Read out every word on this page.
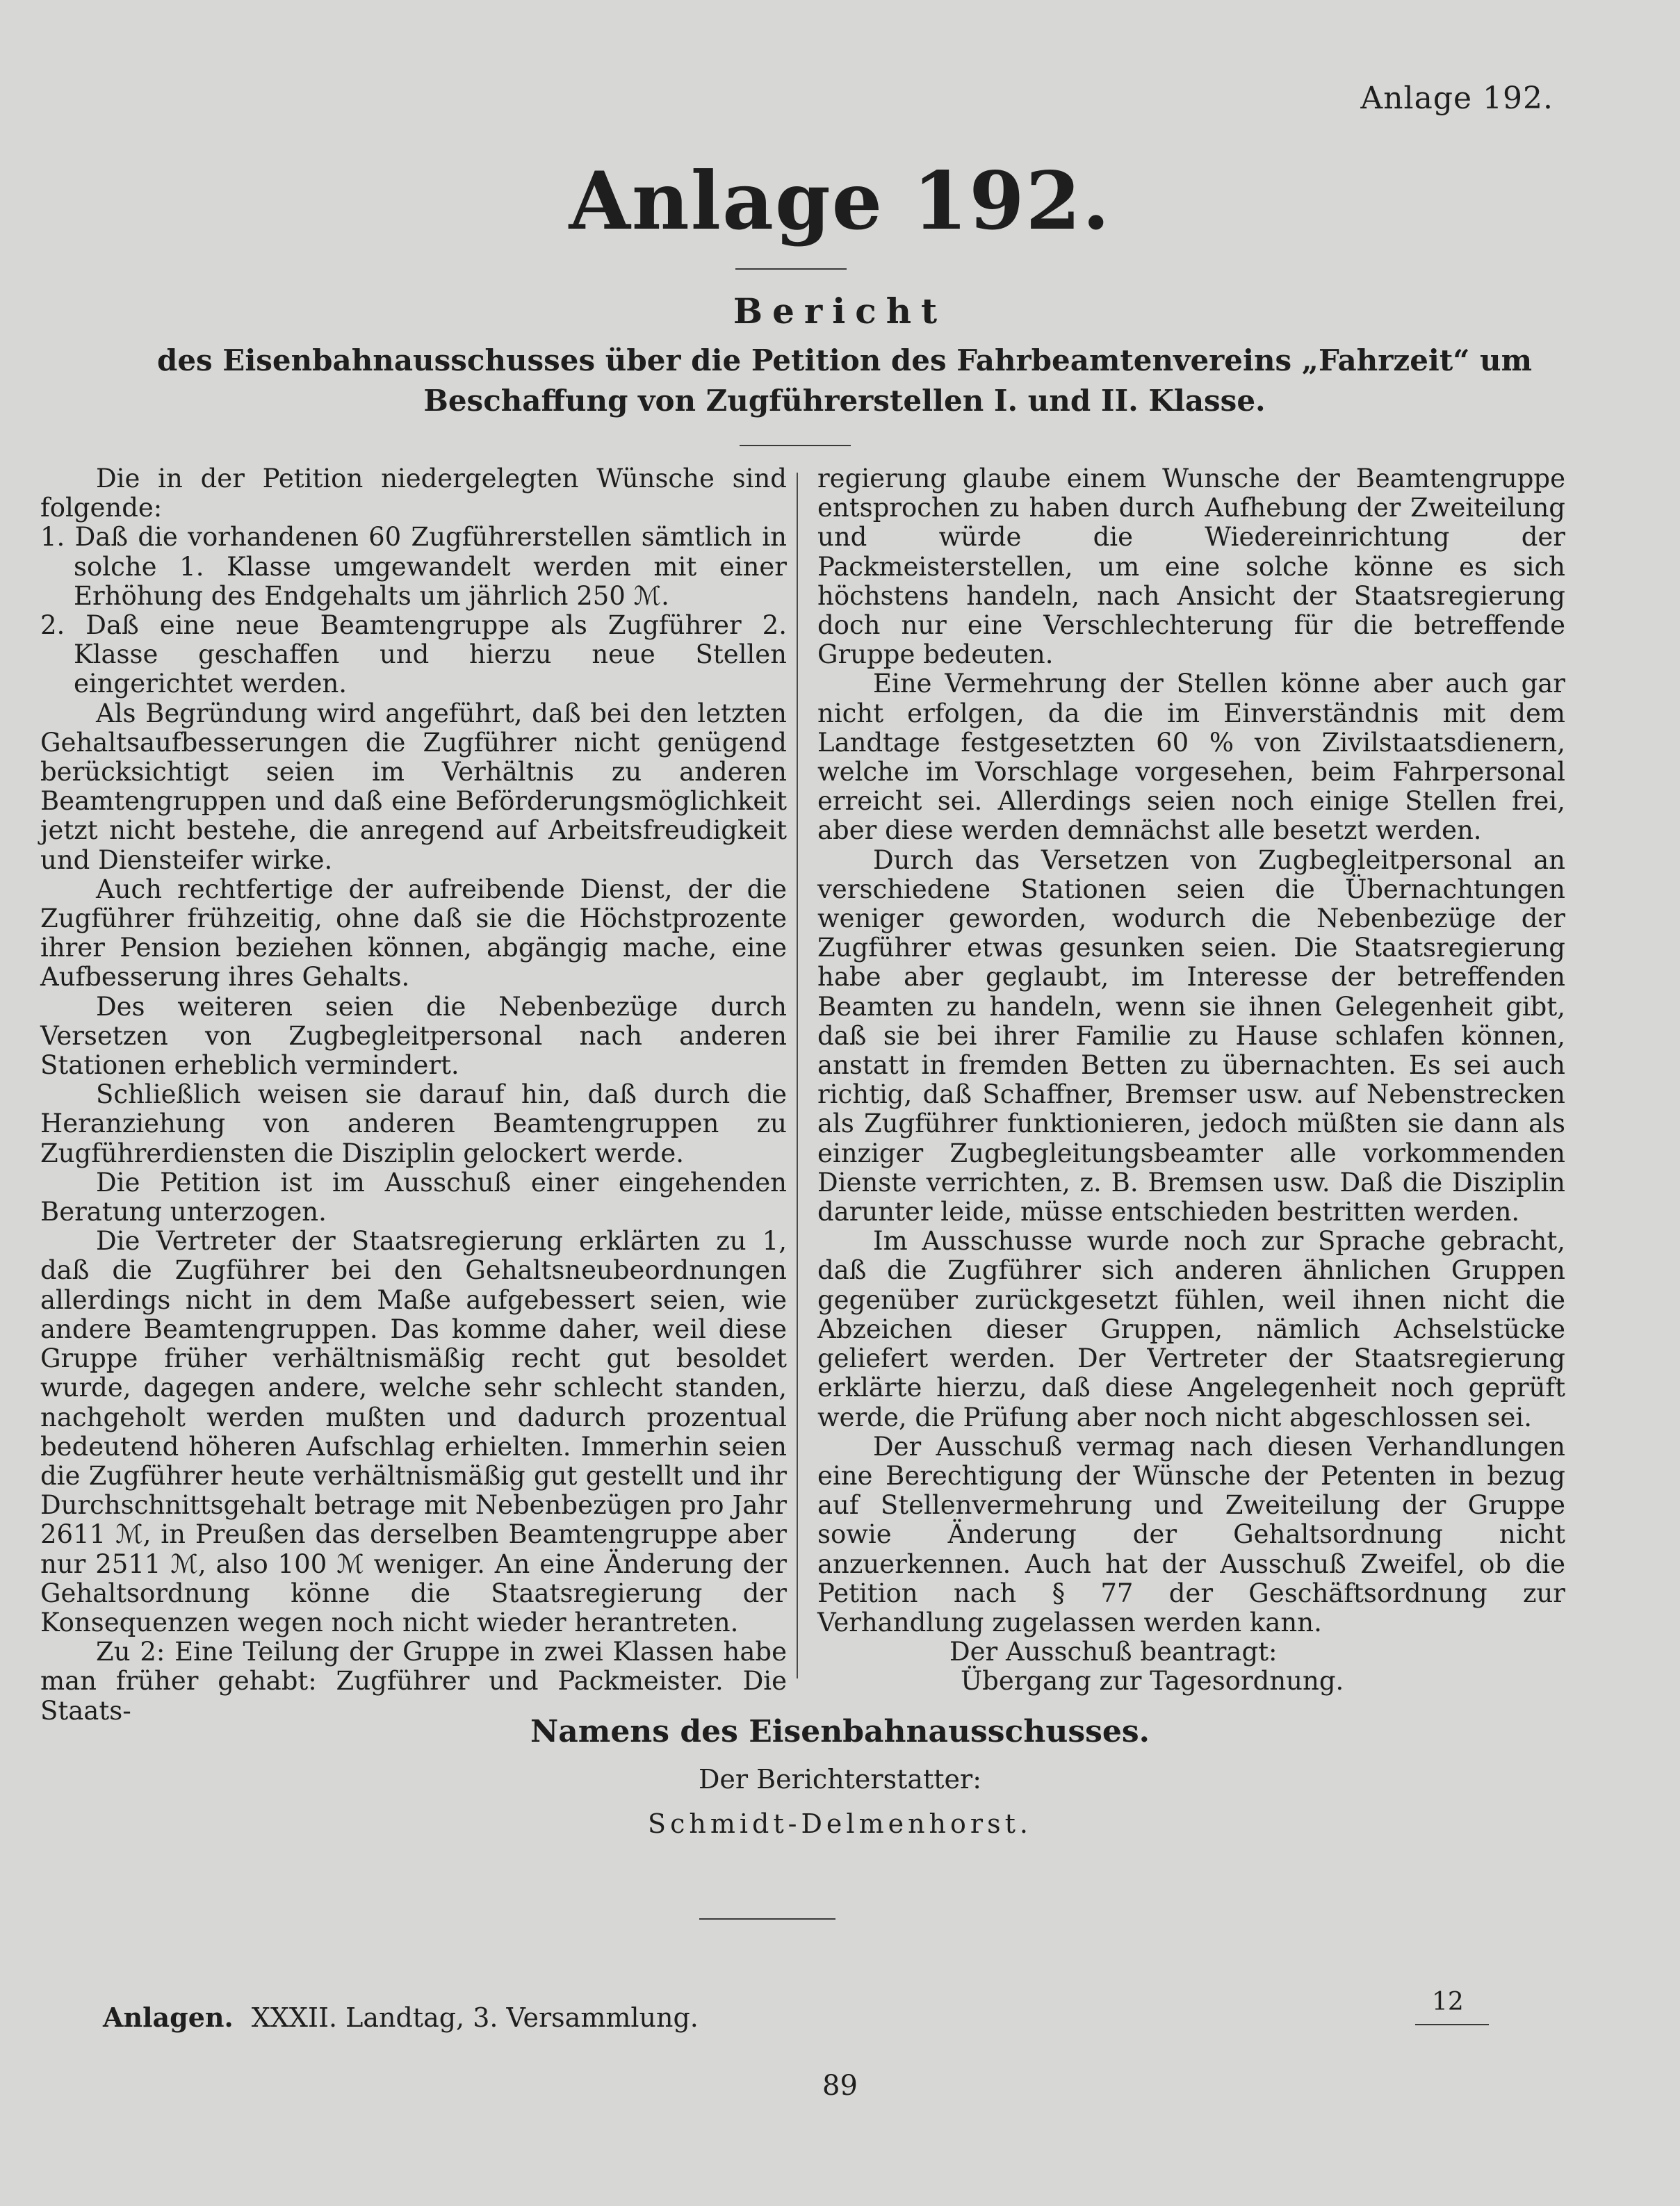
Anlage 192.
Anlage 192.
Bericht
des Eisenbahnausschusses über die Petition des Fahrbeamtenvereins „Fahrzeit“ um Beschaffung von Zugführerstellen I. und II. Klasse.

Die in der Petition niedergelegten Wünsche sind folgende:

1. Daß die vorhandenen 60 Zugführerstellen sämtlich in solche 1. Klasse umgewandelt werden mit einer Erhöhung des Endgehalts um jährlich 250 ℳ.

2. Daß eine neue Beamtengruppe als Zugführer 2. Klasse geschaffen und hierzu neue Stellen eingerichtet werden.

Als Begründung wird angeführt, daß bei den letzten Gehaltsaufbesserungen die Zugführer nicht genügend berücksichtigt seien im Verhältnis zu anderen Beamtengruppen und daß eine Beförderungsmöglichkeit jetzt nicht bestehe, die anregend auf Arbeitsfreudigkeit und Diensteifer wirke.

Auch rechtfertige der aufreibende Dienst, der die Zugführer frühzeitig, ohne daß sie die Höchstprozente ihrer Pension beziehen können, abgängig mache, eine Aufbesserung ihres Gehalts.

Des weiteren seien die Nebenbezüge durch Versetzen von Zugbegleitpersonal nach anderen Stationen erheblich vermindert.

Schließlich weisen sie darauf hin, daß durch die Heranziehung von anderen Beamtengruppen zu Zugführerdiensten die Disziplin gelockert werde.

Die Petition ist im Ausschuß einer eingehenden Beratung unterzogen.

Die Vertreter der Staatsregierung erklärten zu 1, daß die Zugführer bei den Gehaltsneubeordnungen allerdings nicht in dem Maße aufgebessert seien, wie andere Beamtengruppen. Das komme daher, weil diese Gruppe früher verhältnismäßig recht gut besoldet wurde, dagegen andere, welche sehr schlecht standen, nachgeholt werden mußten und dadurch prozentual bedeutend höheren Aufschlag erhielten. Immerhin seien die Zugführer heute verhältnismäßig gut gestellt und ihr Durchschnittsgehalt betrage mit Nebenbezügen pro Jahr 2611 ℳ, in Preußen das derselben Beamtengruppe aber nur 2511 ℳ, also 100 ℳ weniger. An eine Änderung der Gehaltsordnung könne die Staatsregierung der Konsequenzen wegen noch nicht wieder herantreten.

Zu 2: Eine Teilung der Gruppe in zwei Klassen habe man früher gehabt: Zugführer und Packmeister. Die Staats-

regierung glaube einem Wunsche der Beamtengruppe entsprochen zu haben durch Aufhebung der Zweiteilung und würde die Wiedereinrichtung der Packmeisterstellen, um eine solche könne es sich höchstens handeln, nach Ansicht der Staatsregierung doch nur eine Verschlechterung für die betreffende Gruppe bedeuten.

Eine Vermehrung der Stellen könne aber auch gar nicht erfolgen, da die im Einverständnis mit dem Landtage festgesetzten 60 % von Zivilstaatsdienern, welche im Vorschlage vorgesehen, beim Fahrpersonal erreicht sei. Allerdings seien noch einige Stellen frei, aber diese werden demnächst alle besetzt werden.

Durch das Versetzen von Zugbegleitpersonal an verschiedene Stationen seien die Übernachtungen weniger geworden, wodurch die Nebenbezüge der Zugführer etwas gesunken seien. Die Staatsregierung habe aber geglaubt, im Interesse der betreffenden Beamten zu handeln, wenn sie ihnen Gelegenheit gibt, daß sie bei ihrer Familie zu Hause schlafen können, anstatt in fremden Betten zu übernachten. Es sei auch richtig, daß Schaffner, Bremser usw. auf Nebenstrecken als Zugführer funktionieren, jedoch müßten sie dann als einziger Zugbegleitungsbeamter alle vorkommenden Dienste verrichten, z. B. Bremsen usw. Daß die Disziplin darunter leide, müsse entschieden bestritten werden.

Im Ausschusse wurde noch zur Sprache gebracht, daß die Zugführer sich anderen ähnlichen Gruppen gegenüber zurückgesetzt fühlen, weil ihnen nicht die Abzeichen dieser Gruppen, nämlich Achselstücke geliefert werden. Der Vertreter der Staatsregierung erklärte hierzu, daß diese Angelegenheit noch geprüft werde, die Prüfung aber noch nicht abgeschlossen sei.

Der Ausschuß vermag nach diesen Verhandlungen eine Berechtigung der Wünsche der Petenten in bezug auf Stellenvermehrung und Zweiteilung der Gruppe sowie Änderung der Gehaltsordnung nicht anzuerkennen. Auch hat der Ausschuß Zweifel, ob die Petition nach § 77 der Geschäftsordnung zur Verhandlung zugelassen werden kann.

Der Ausschuß beantragt:

Übergang zur Tagesordnung.

Namens des Eisenbahnausschusses.
Der Berichterstatter:
Schmidt-Delmenhorst.
Anlagen. XXXII. Landtag, 3. Versammlung.
12
89
